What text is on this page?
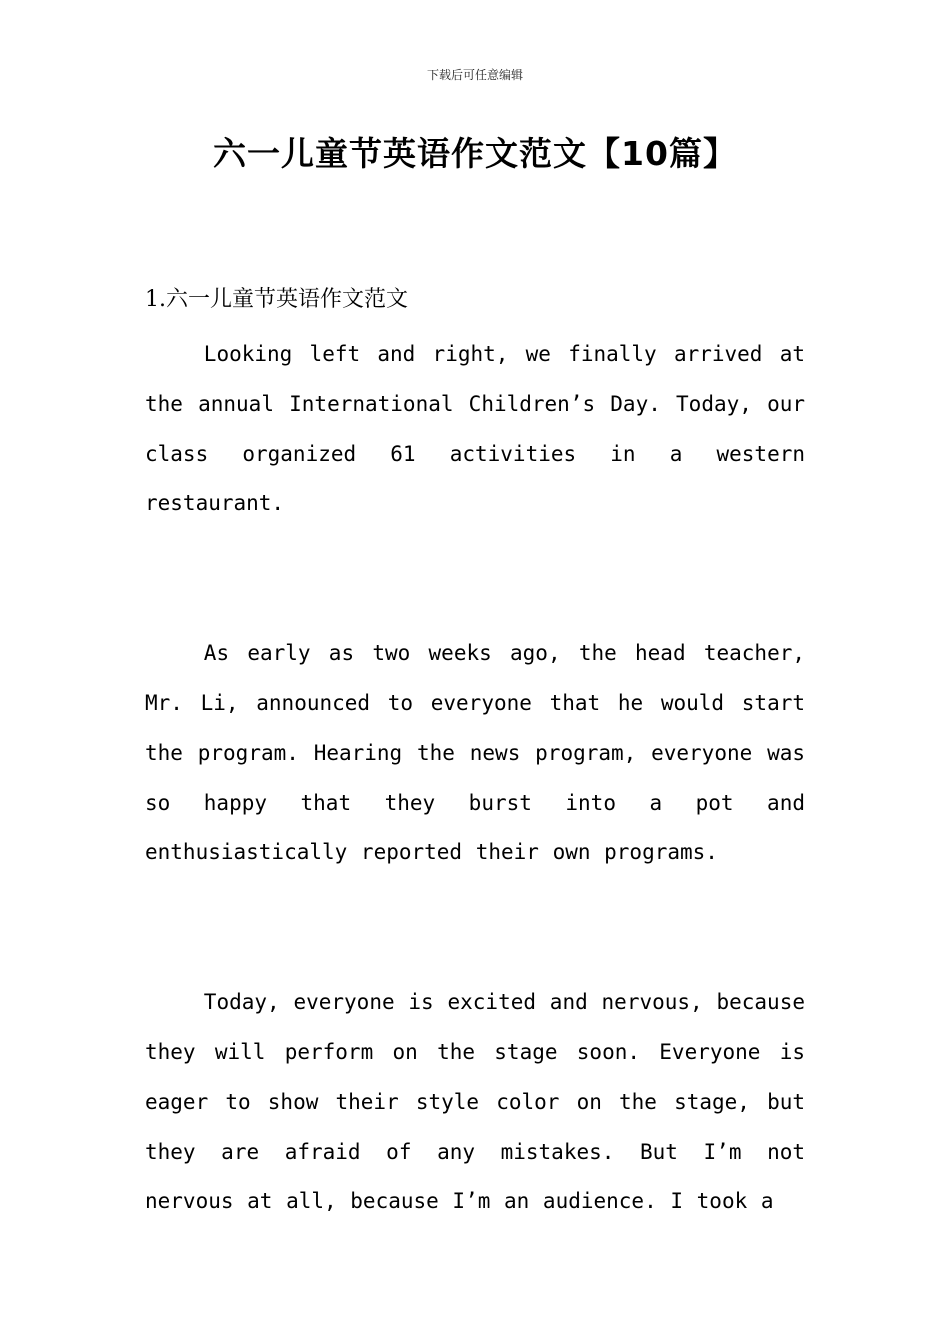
下载后可任意编辑
六一儿童节英语作文范文【10篇】
1.六一儿童节英语作文范文

Looking left and right, we finally arrived at the annual International Children’s Day. Today, our class organized 61 activities in a western restaurant.

As early as two weeks ago, the head teacher, Mr. Li, announced to everyone that he would start the program. Hearing the news program, everyone was so happy that they burst into a pot and enthusiastically reported their own programs.

Today, everyone is excited and nervous, because they will perform on the stage soon. Everyone is eager to show their style color on the stage, but they are afraid of any mistakes. But I’m not nervous at all, because I’m an audience. I took a
